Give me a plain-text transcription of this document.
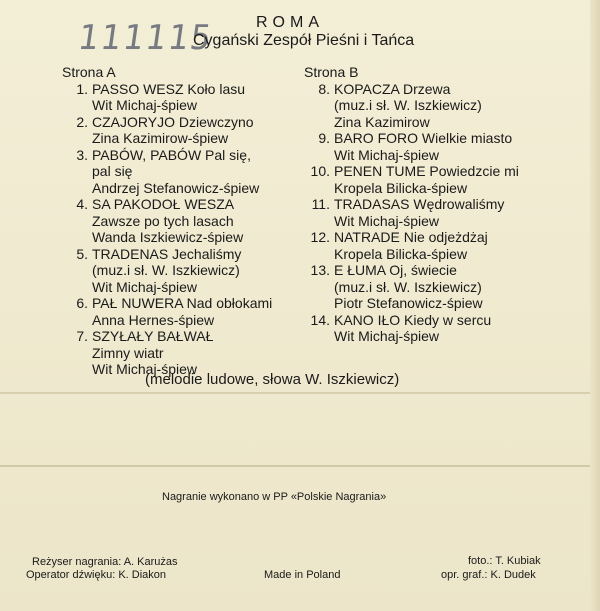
111115	ROMA
Cygański Zespół Pieśni i Tańca
Strona A
1. PASSO WESZ Koło lasu
Wit Michaj-śpiew
2. CZAJORYJO Dziewczyno
Zina Kazimirow-śpiew
3. PABÓW, PABÓW Pal się,
pal się
Andrzej Stefanowicz-śpiew
4. SA PAKODOŁ WESZA
Zawsze po tych lasach
Wanda Iszkiewicz-śpiew
5. TRADENAS Jechaliśmy
(muz.i sł. W. Iszkiewicz)
Wit Michaj-śpiew
6. PAŁ NUWERA Nad obłokami
Anna Hernes-śpiew
7. SZYŁAŁY BAŁWAŁ
Zimny wiatr
Wit Michaj-śpiew
Strona B
8. KOPACZA Drzewa
(muz.i sł. W. Iszkiewicz)
Zina Kazimirow
9. BARO FORO Wielkie miasto
Wit Michaj-śpiew
10. PENEN TUME Powiedzcie mi
Kropela Bilicka-śpiew
11. TRADASAS Wędrowaliśmy
Wit Michaj-śpiew
12. NATRADE Nie odjeżdżaj
Kropela Bilicka-śpiew
13. E ŁUMA Oj, świecie
(muz.i sł. W. Iszkiewicz)
Piotr Stefanowicz-śpiew
14. KANO IŁO Kiedy w sercu
Wit Michaj-śpiew
(melodie ludowe, słowa W. Iszkiewicz)
Nagranie wykonano w PP «Polskie Nagrania»
Reżyser nagrania: A. Karużas
Operator dźwięku: K. Diakon	Made in Poland
foto.: T. Kubiak
opr. graf.: K. Dudek
